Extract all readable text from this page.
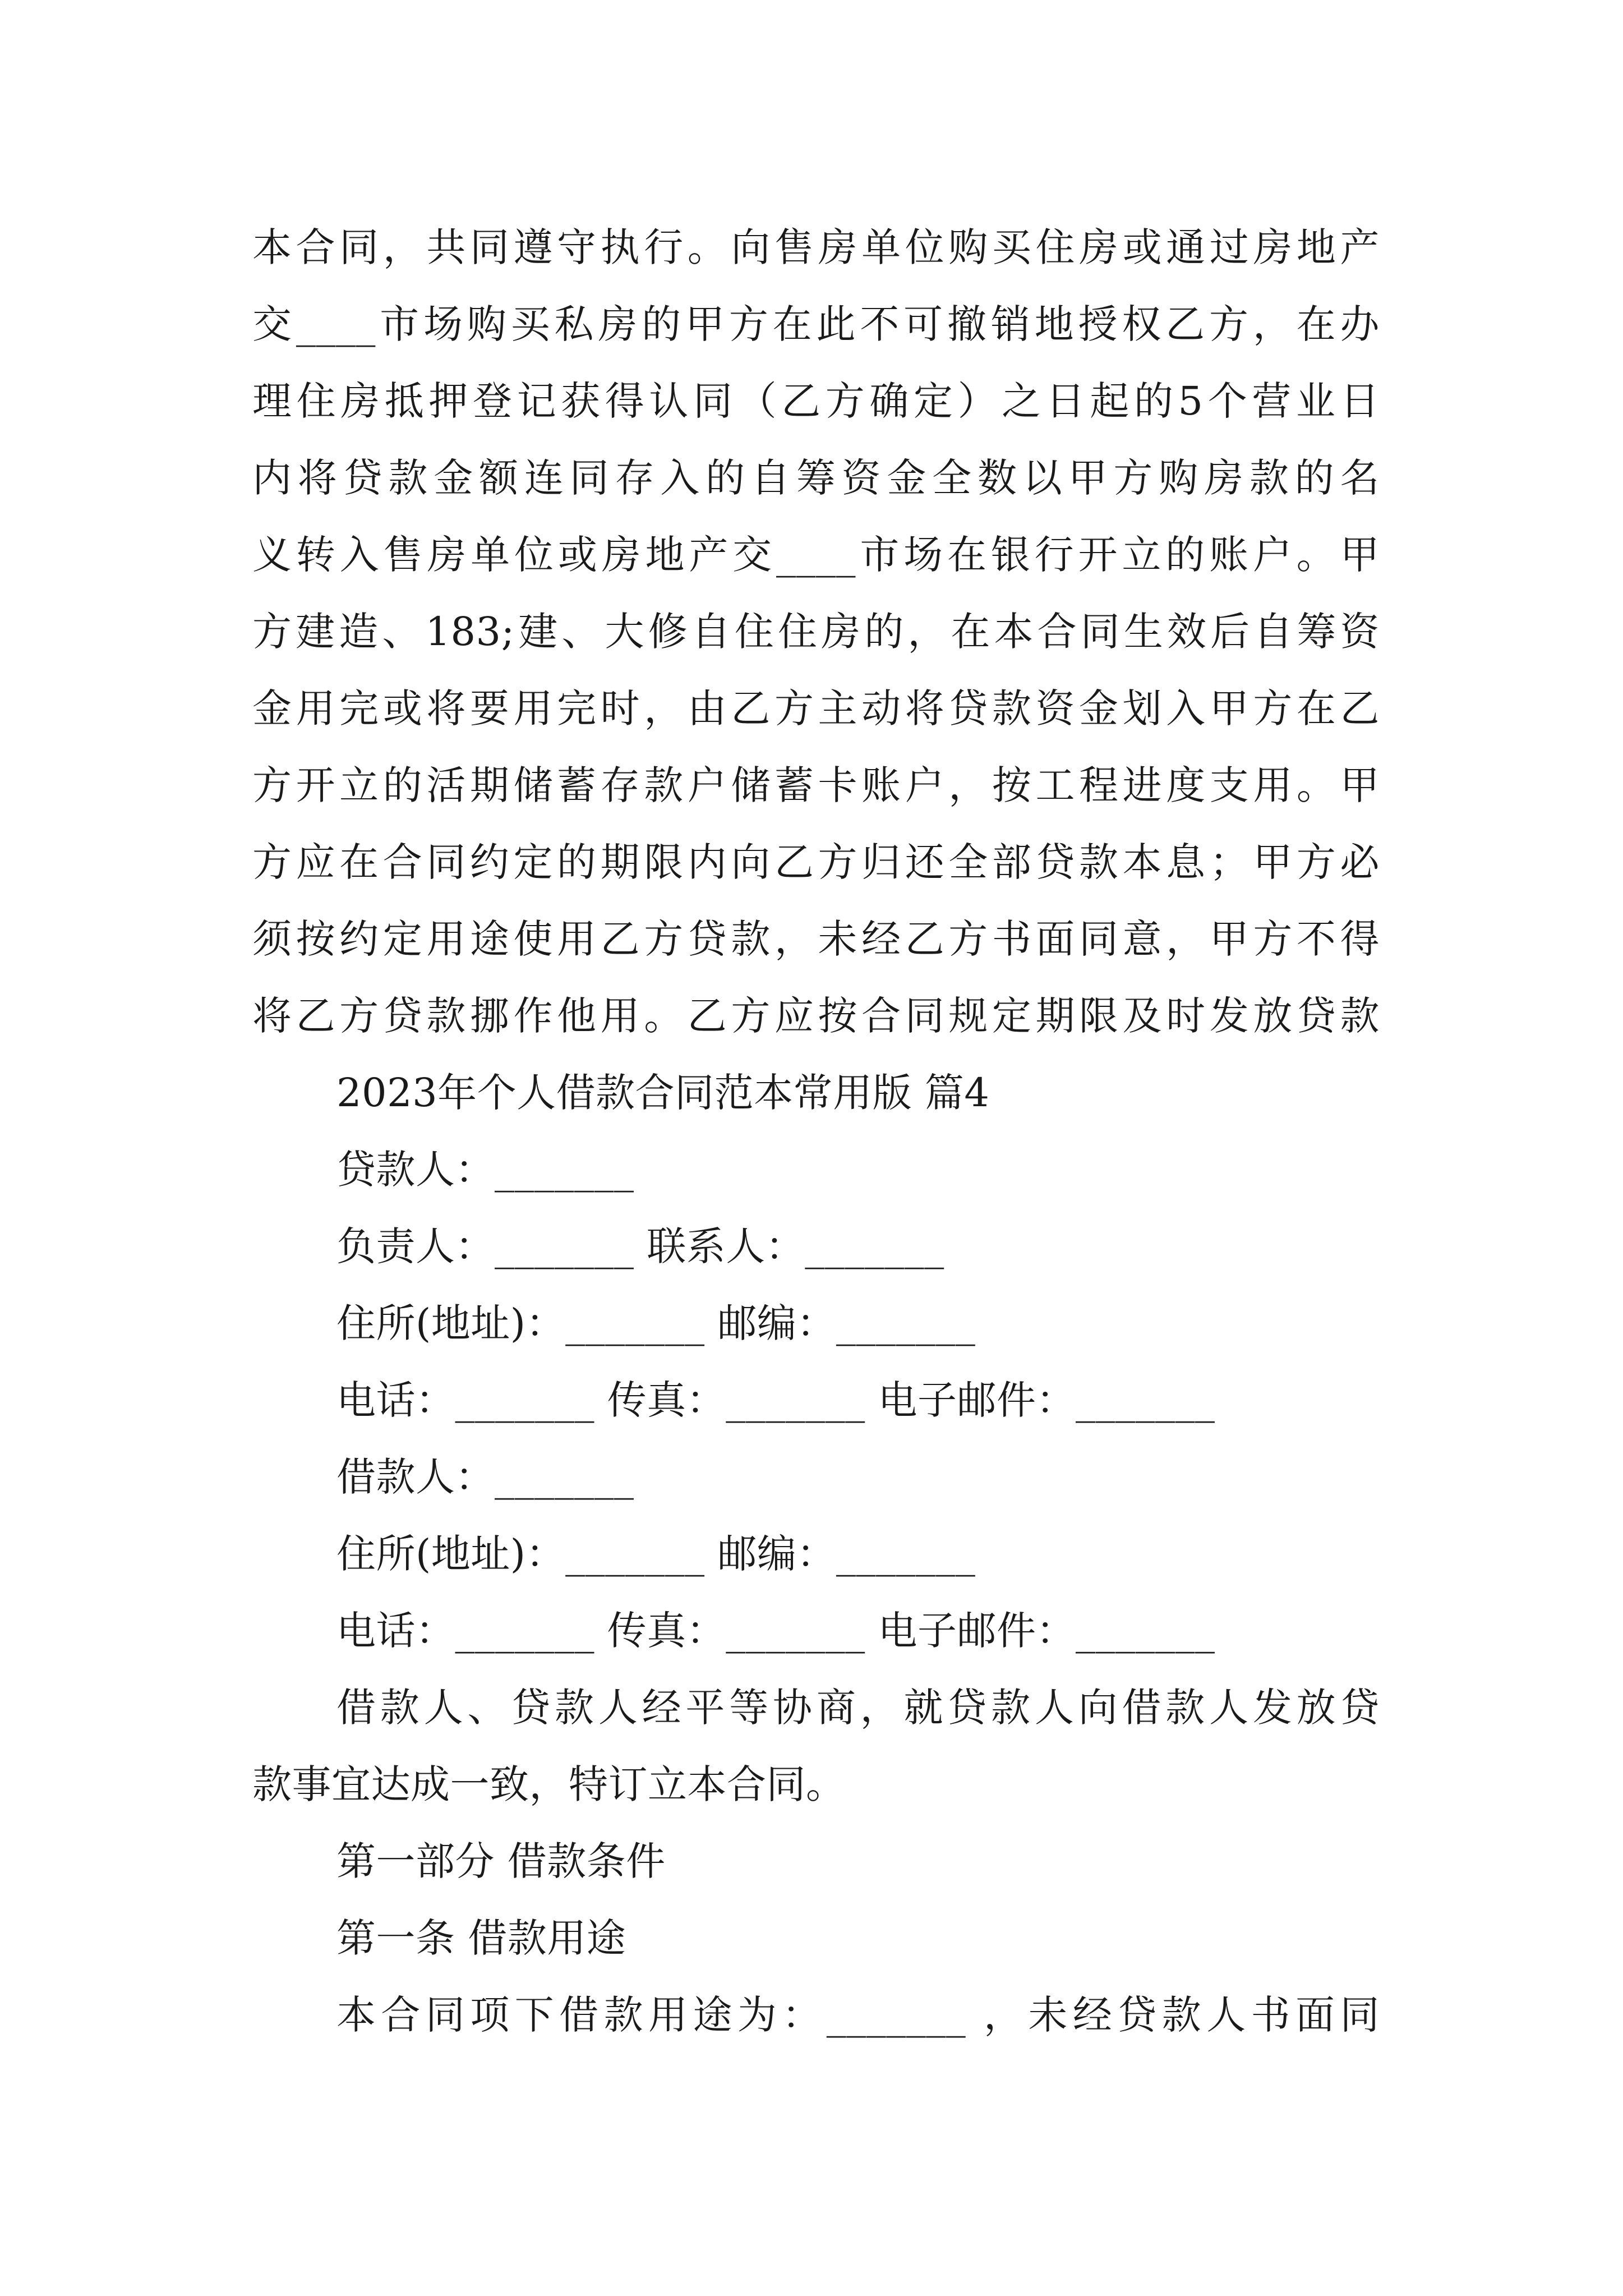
本合同，共同遵守执行。向售房单位购买住房或通过房地产
交____市场购买私房的甲方在此不可撤销地授权乙方，在办
理住房抵押登记获得认同（乙方确定）之日起的5个营业日
内将贷款金额连同存入的自筹资金全数以甲方购房款的名
义转入售房单位或房地产交____市场在银行开立的账户。甲
方建造、183;建、大修自住住房的，在本合同生效后自筹资
金用完或将要用完时，由乙方主动将贷款资金划入甲方在乙
方开立的活期储蓄存款户储蓄卡账户，按工程进度支用。甲
方应在合同约定的期限内向乙方归还全部贷款本息；甲方必
须按约定用途使用乙方贷款，未经乙方书面同意，甲方不得
将乙方贷款挪作他用。乙方应按合同规定期限及时发放贷款
2023年个人借款合同范本常用版 篇4
贷款人：_______
负责人：_______ 联系人：_______
住所(地址)：_______ 邮编：_______
电话：_______ 传真：_______ 电子邮件：_______
借款人：_______
住所(地址)：_______ 邮编：_______
电话：_______ 传真：_______ 电子邮件：_______
借款人、贷款人经平等协商，就贷款人向借款人发放贷
款事宜达成一致，特订立本合同。
第一部分 借款条件
第一条 借款用途
本合同项下借款用途为：_______ ，未经贷款人书面同
